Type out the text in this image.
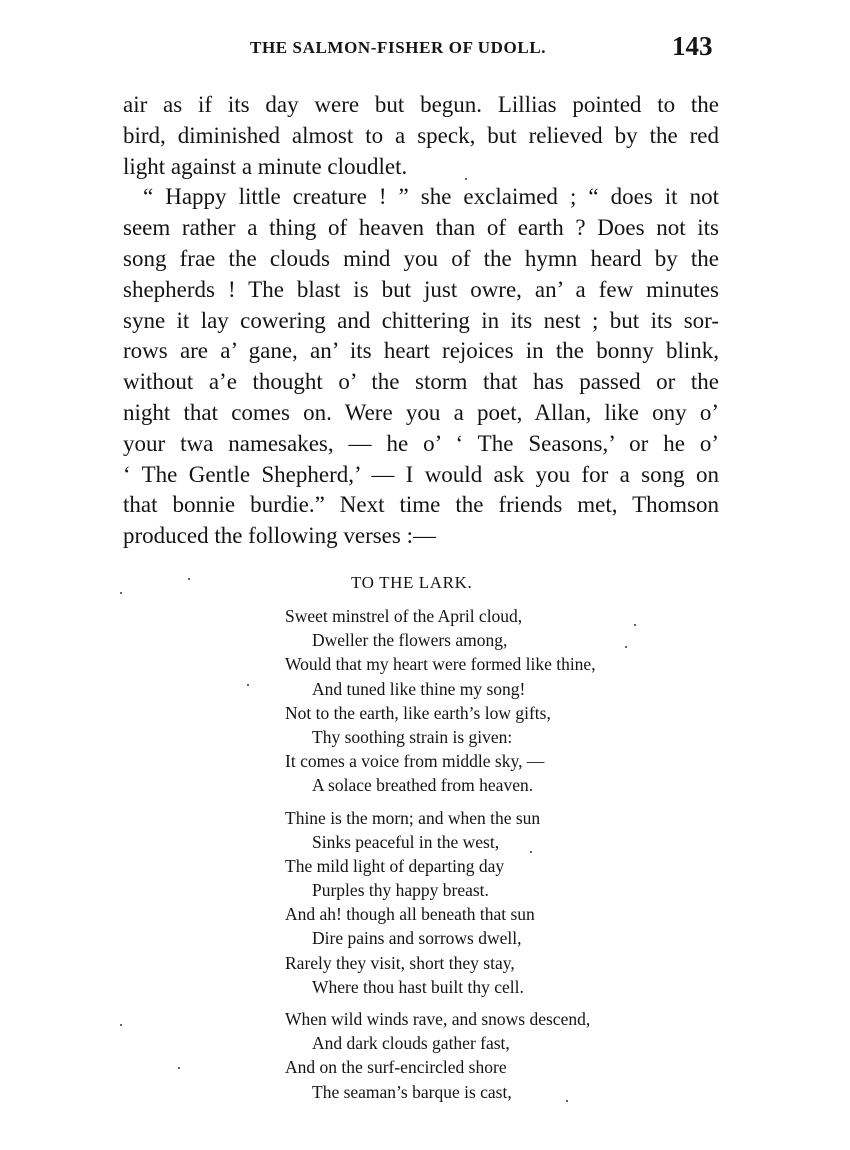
THE SALMON-FISHER OF UDOLL.	143
air as if its day were but begun. Lillias pointed to the
bird, diminished almost to a speck, but relieved by the red
light against a minute cloudlet.
“ Happy little creature ! ” she exclaimed ; “ does it not
seem rather a thing of heaven than of earth ? Does not its
song frae the clouds mind you of the hymn heard by the
shepherds ! The blast is but just owre, an’ a few minutes
syne it lay cowering and chittering in its nest ; but its sor-
rows are a’ gane, an’ its heart rejoices in the bonny blink,
without a’e thought o’ the storm that has passed or the
night that comes on. Were you a poet, Allan, like ony o’
your twa namesakes, — he o’ ‘ The Seasons,’ or he o’
‘ The Gentle Shepherd,’ — I would ask you for a song on
that bonnie burdie.” Next time the friends met, Thomson
produced the following verses :—
TO THE LARK.
Sweet minstrel of the April cloud,
Dweller the flowers among,
Would that my heart were formed like thine,
And tuned like thine my song!
Not to the earth, like earth’s low gifts,
Thy soothing strain is given:
It comes a voice from middle sky, —
A solace breathed from heaven.
Thine is the morn; and when the sun
Sinks peaceful in the west,
The mild light of departing day
Purples thy happy breast.
And ah! though all beneath that sun
Dire pains and sorrows dwell,
Rarely they visit, short they stay,
Where thou hast built thy cell.
When wild winds rave, and snows descend,
And dark clouds gather fast,
And on the surf-encircled shore
The seaman’s barque is cast,
